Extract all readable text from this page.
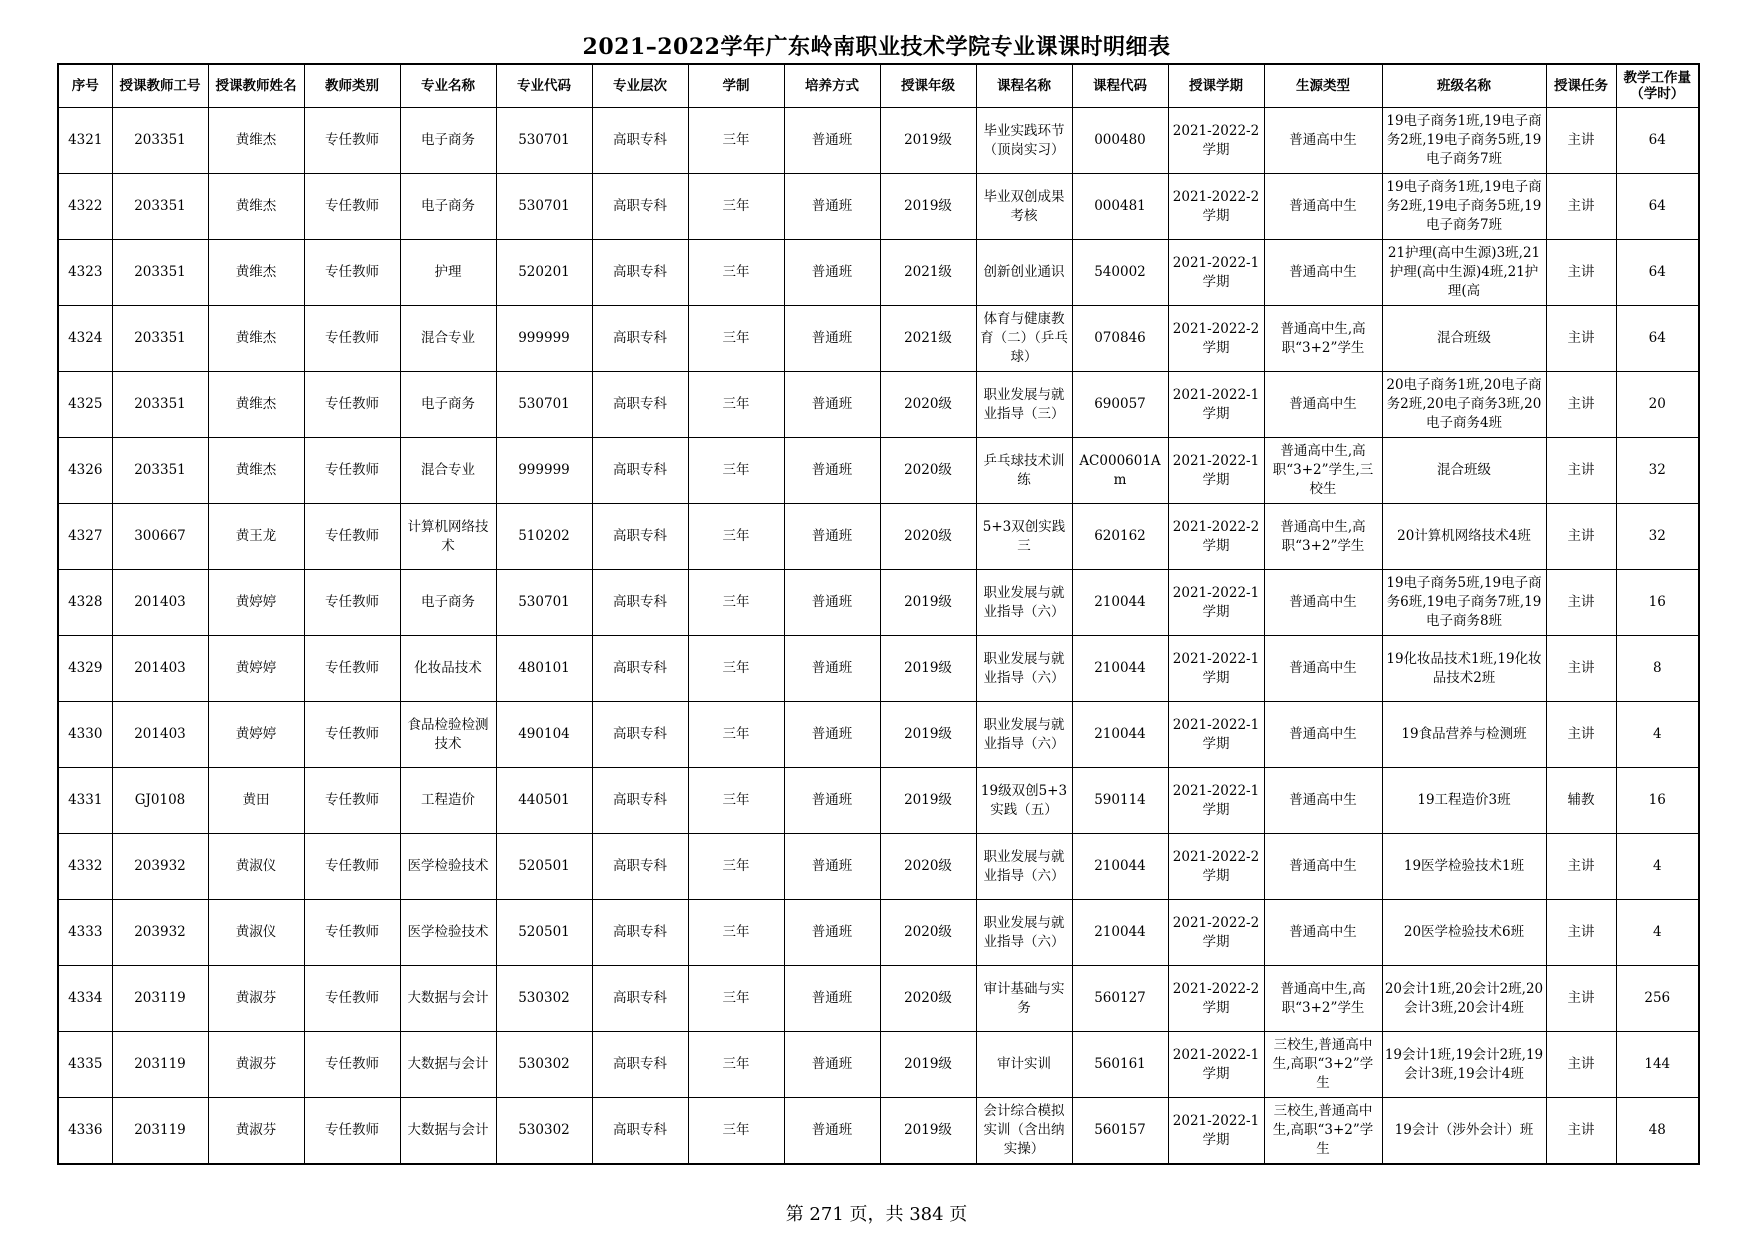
2021–2022学年广东岭南职业技术学院专业课课时明细表
序号	授课教师工号	授课教师姓名	教师类别	专业名称	专业代码	专业层次	学制	培养方式	授课年级	课程名称	课程代码	授课学期	生源类型	班级名称	授课任务	教学工作量（学时）

4321	203351	黄维杰	专任教师	电子商务	530701	高职专科	三年	普通班	2019级	毕业实践环节（顶岗实习）	000480	2021-2022-2学期	普通高中生	19电子商务1班,19电子商务2班,19电子商务5班,19电子商务7班	主讲	64

4322	203351	黄维杰	专任教师	电子商务	530701	高职专科	三年	普通班	2019级	毕业双创成果考核	000481	2021-2022-2学期	普通高中生	19电子商务1班,19电子商务2班,19电子商务5班,19电子商务7班	主讲	64

4323	203351	黄维杰	专任教师	护理	520201	高职专科	三年	普通班	2021级	创新创业通识	540002	2021-2022-1学期	普通高中生	21护理(高中生源)3班,21护理(高中生源)4班,21护理(高	主讲	64

4324	203351	黄维杰	专任教师	混合专业	999999	高职专科	三年	普通班	2021级	体育与健康教育（二）（乒乓球）	070846	2021-2022-2学期	普通高中生,高职“3+2”学生	混合班级	主讲	64

4325	203351	黄维杰	专任教师	电子商务	530701	高职专科	三年	普通班	2020级	职业发展与就业指导（三）	690057	2021-2022-1学期	普通高中生	20电子商务1班,20电子商务2班,20电子商务3班,20电子商务4班	主讲	20

4326	203351	黄维杰	专任教师	混合专业	999999	高职专科	三年	普通班	2020级	乒乓球技术训练	AC000601Am	2021-2022-1学期	普通高中生,高职“3+2”学生,三校生	混合班级	主讲	32

4327	300667	黄王龙	专任教师	计算机网络技术	510202	高职专科	三年	普通班	2020级	5+3双创实践三	620162	2021-2022-2学期	普通高中生,高职“3+2”学生	20计算机网络技术4班	主讲	32

4328	201403	黄婷婷	专任教师	电子商务	530701	高职专科	三年	普通班	2019级	职业发展与就业指导（六）	210044	2021-2022-1学期	普通高中生	19电子商务5班,19电子商务6班,19电子商务7班,19电子商务8班	主讲	16

4329	201403	黄婷婷	专任教师	化妆品技术	480101	高职专科	三年	普通班	2019级	职业发展与就业指导（六）	210044	2021-2022-1学期	普通高中生	19化妆品技术1班,19化妆品技术2班	主讲	8

4330	201403	黄婷婷	专任教师	食品检验检测技术	490104	高职专科	三年	普通班	2019级	职业发展与就业指导（六）	210044	2021-2022-1学期	普通高中生	19食品营养与检测班	主讲	4

4331	GJ0108	黄田	专任教师	工程造价	440501	高职专科	三年	普通班	2019级	19级双创5+3实践（五）	590114	2021-2022-1学期	普通高中生	19工程造价3班	辅教	16

4332	203932	黄淑仪	专任教师	医学检验技术	520501	高职专科	三年	普通班	2020级	职业发展与就业指导（六）	210044	2021-2022-2学期	普通高中生	19医学检验技术1班	主讲	4

4333	203932	黄淑仪	专任教师	医学检验技术	520501	高职专科	三年	普通班	2020级	职业发展与就业指导（六）	210044	2021-2022-2学期	普通高中生	20医学检验技术6班	主讲	4

4334	203119	黄淑芬	专任教师	大数据与会计	530302	高职专科	三年	普通班	2020级	审计基础与实务	560127	2021-2022-2学期	普通高中生,高职“3+2”学生	20会计1班,20会计2班,20会计3班,20会计4班	主讲	256

4335	203119	黄淑芬	专任教师	大数据与会计	530302	高职专科	三年	普通班	2019级	审计实训	560161	2021-2022-1学期	三校生,普通高中生,高职“3+2”学生	19会计1班,19会计2班,19会计3班,19会计4班	主讲	144

4336	203119	黄淑芬	专任教师	大数据与会计	530302	高职专科	三年	普通班	2019级	会计综合模拟实训（含出纳实操）	560157	2021-2022-1学期	三校生,普通高中生,高职“3+2”学生	19会计（涉外会计）班	主讲	48
第 271 页，共 384 页
